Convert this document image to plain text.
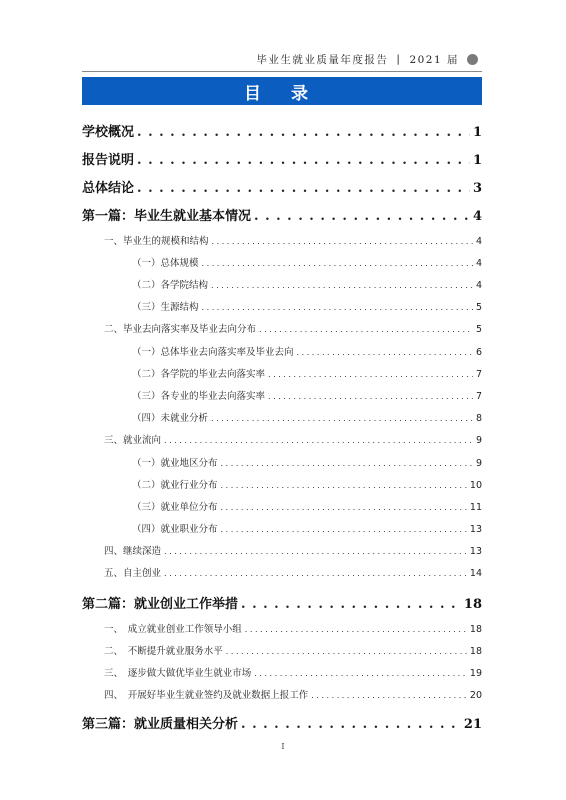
毕业生就业质量年度报告 | 2021 届
目 录
学校概况 . . .	1
报告说明 . . .	1
总体结论 . . .	3
第一篇：毕业生就业基本情况 . . .	4
一、毕业生的规模和结构 . . .	4
（一）总体规模 . . .	4
（二）各学院结构 . . .	4
（三）生源结构 . . .	5
二、毕业去向落实率及毕业去向分布 . . .	5
（一）总体毕业去向落实率及毕业去向 . . .	6
（二）各学院的毕业去向落实率 . . .	7
（三）各专业的毕业去向落实率 . . .	7
（四）未就业分析 . . .	8
三、就业流向 . . .	9
（一）就业地区分布 . . .	9
（二）就业行业分布 . . .	10
（三）就业单位分布 . . .	11
（四）就业职业分布 . . .	13
四、继续深造 . . .	13
五、自主创业 . . .	14
第二篇：就业创业工作举措 . . .	18
一、　成立就业创业工作领导小组 . . .	18
二、　不断提升就业服务水平 . . .	18
三、　逐步做大做优毕业生就业市场 . . .	19
四、　开展好毕业生就业签约及就业数据上报工作 . . .	20
第三篇：就业质量相关分析 . . .	21
I
